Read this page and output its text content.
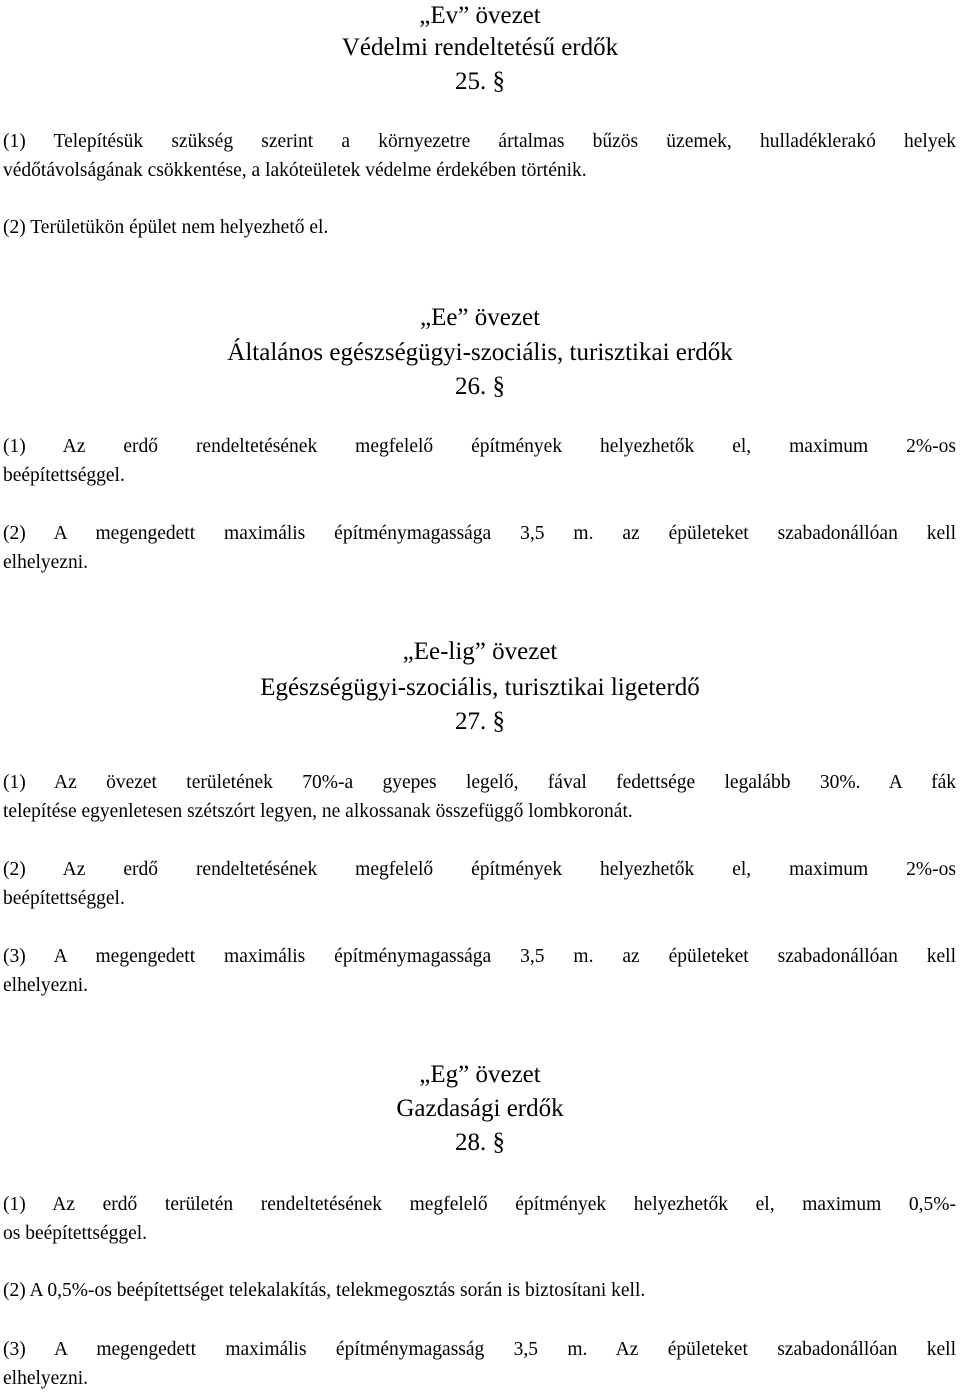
„Ev” övezet
Védelmi rendeltetésű erdők
25. §
(1) Telepítésük szükség szerint a környezetre ártalmas bűzös üzemek, hulladéklerakó helyek
védőtávolságának csökkentése, a lakóteületek védelme érdekében történik.
(2) Területükön épület nem helyezhető el.
„Ee” övezet
Általános egészségügyi-szociális, turisztikai erdők
26. §
(1) Az erdő rendeltetésének megfelelő építmények helyezhetők el, maximum 2%-os
beépítettséggel.
(2) A megengedett maximális építménymagassága 3,5 m. az épületeket szabadonállóan kell
elhelyezni.
„Ee-lig” övezet
Egészségügyi-szociális, turisztikai ligeterdő
27. §
(1) Az övezet területének 70%-a gyepes legelő, fával fedettsége legalább 30%. A fák
telepítése egyenletesen szétszórt legyen, ne alkossanak összefüggő lombkoronát.
(2) Az erdő rendeltetésének megfelelő építmények helyezhetők el, maximum 2%-os
beépítettséggel.
(3) A megengedett maximális építménymagassága 3,5 m. az épületeket szabadonállóan kell
elhelyezni.
„Eg” övezet
Gazdasági erdők
28. §
(1) Az erdő területén rendeltetésének megfelelő építmények helyezhetők el, maximum 0,5%-
os beépítettséggel.
(2) A 0,5%-os beépítettséget telekalakítás, telekmegosztás során is biztosítani kell.
(3) A megengedett maximális építménymagasság 3,5 m. Az épületeket szabadonállóan kell
elhelyezni.
